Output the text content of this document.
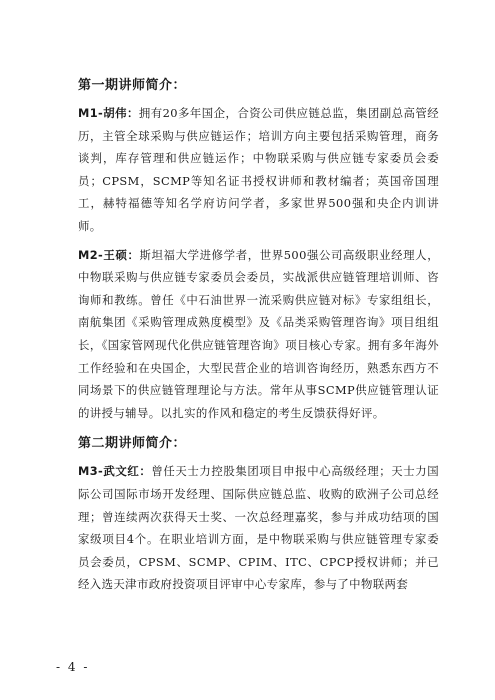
第一期讲师简介：

M1-胡伟：拥有20多年国企，合资公司供应链总监，集团副总高管经历，主管全球采购与供应链运作；培训方向主要包括采购管理，商务谈判，库存管理和供应链运作；中物联采购与供应链专家委员会委员；CPSM，SCMP等知名证书授权讲师和教材编者；英国帝国理工，赫特福德等知名学府访问学者，多家世界500强和央企内训讲师。

M2-王硕：斯坦福大学进修学者，世界500强公司高级职业经理人，中物联采购与供应链专家委员会委员，实战派供应链管理培训师、咨询师和教练。曾任《中石油世界一流采购供应链对标》专家组组长，南航集团《采购管理成熟度模型》及《品类采购管理咨询》项目组组长，《国家管网现代化供应链管理咨询》项目核心专家。拥有多年海外工作经验和在央国企，大型民营企业的培训咨询经历，熟悉东西方不同场景下的供应链管理理论与方法。常年从事SCMP供应链管理认证的讲授与辅导。以扎实的作风和稳定的考生反馈获得好评。

第二期讲师简介：

M3-武文红：曾任天士力控股集团项目申报中心高级经理；天士力国际公司国际市场开发经理、国际供应链总监、收购的欧洲子公司总经理；曾连续两次获得天士奖、一次总经理嘉奖，参与并成功结项的国家级项目4个。在职业培训方面，是中物联采购与供应链管理专家委员会委员，CPSM、SCMP、CPIM、ITC、CPCP授权讲师；并已经入选天津市政府投资项目评审中心专家库，参与了中物联两套

- 4 -
